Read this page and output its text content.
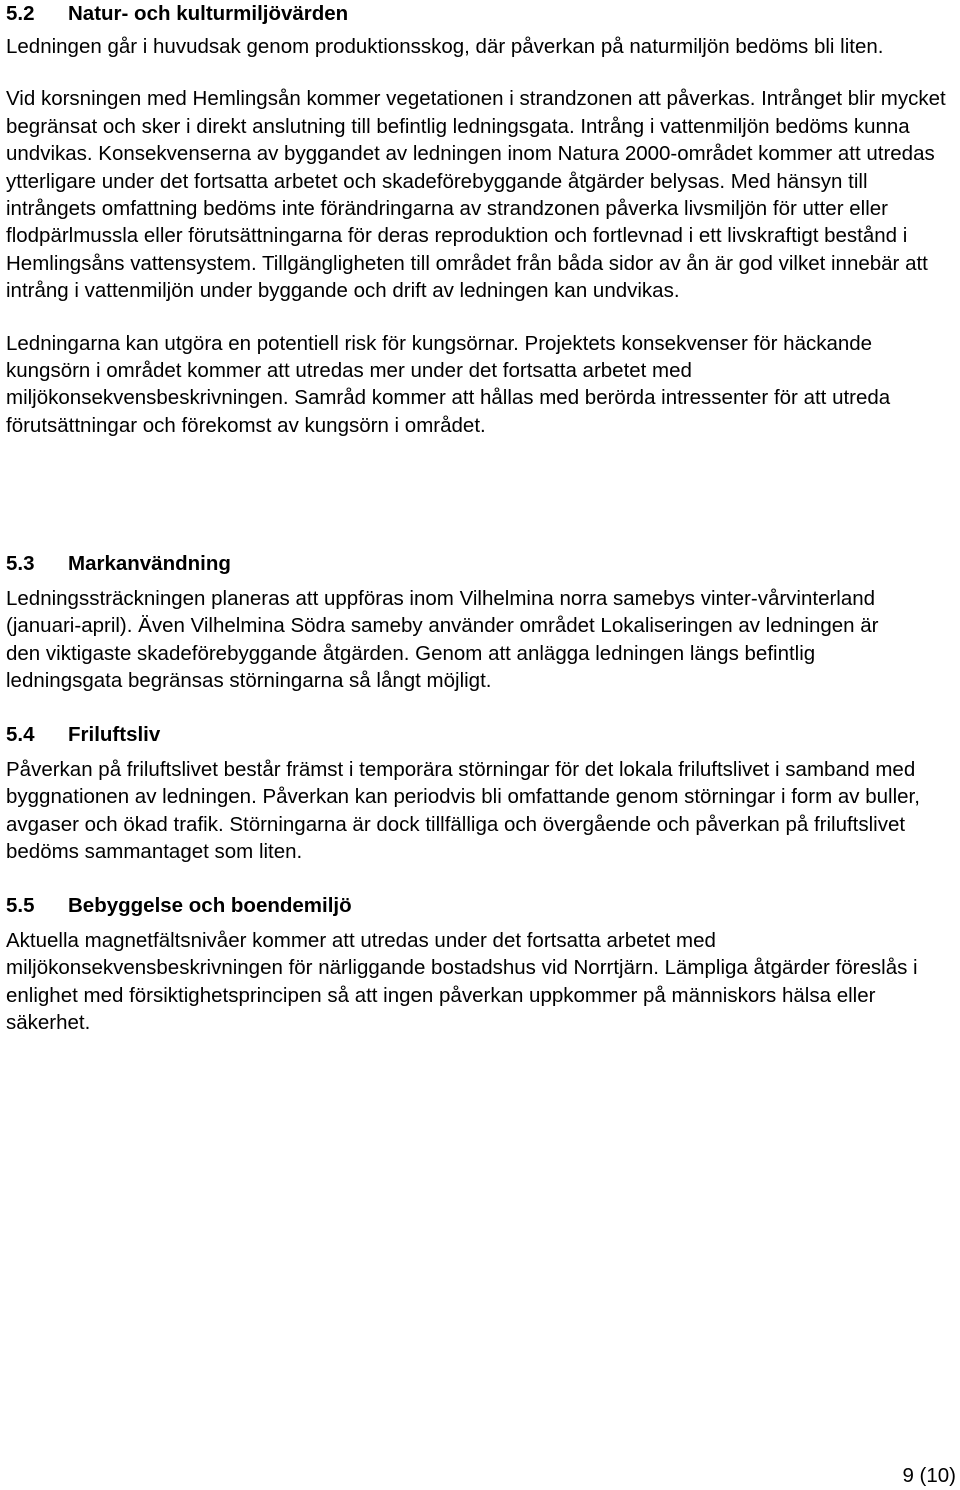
5.2	Natur- och kulturmiljövärden

Ledningen går i huvudsak genom produktionsskog, där påverkan på naturmiljön bedöms bli liten.

Vid korsningen med Hemlingsån kommer vegetationen i strandzonen att påverkas. Intrånget blir mycket begränsat och sker i direkt anslutning till befintlig ledningsgata. Intrång i vattenmiljön bedöms kunna undvikas. Konsekvenserna av byggandet av ledningen inom Natura 2000-området kommer att utredas ytterligare under det fortsatta arbetet och skadeförebyggande åtgärder belysas. Med hänsyn till intrångets omfattning bedöms inte förändringarna av strandzonen påverka livsmiljön för utter eller flodpärlmussla eller förutsättningarna för deras reproduktion och fortlevnad i ett livskraftigt bestånd i Hemlingsåns vattensystem. Tillgängligheten till området från båda sidor av ån är god vilket innebär att intrång i vattenmiljön under byggande och drift av ledningen kan undvikas.

Ledningarna kan utgöra en potentiell risk för kungsörnar. Projektets konsekvenser för häckande kungsörn i området kommer att utredas mer under det fortsatta arbetet med miljökonsekvensbeskrivningen. Samråd kommer att hållas med berörda intressenter för att utreda förutsättningar och förekomst av kungsörn i området.

5.3	Markanvändning

Ledningssträckningen planeras att uppföras inom Vilhelmina norra samebys vinter-vårvinterland (januari-april). Även Vilhelmina Södra sameby använder området Lokaliseringen av ledningen är den viktigaste skadeförebyggande åtgärden. Genom att anlägga ledningen längs befintlig ledningsgata begränsas störningarna så långt möjligt.

5.4	Friluftsliv

Påverkan på friluftslivet består främst i temporära störningar för det lokala friluftslivet i samband med byggnationen av ledningen. Påverkan kan periodvis bli omfattande genom störningar i form av buller, avgaser och ökad trafik. Störningarna är dock tillfälliga och övergående och påverkan på friluftslivet bedöms sammantaget som liten.

5.5	Bebyggelse och boendemiljö

Aktuella magnetfältsnivåer kommer att utredas under det fortsatta arbetet med miljökonsekvensbeskrivningen för närliggande bostadshus vid Norrtjärn. Lämpliga åtgärder föreslås i enlighet med försiktighetsprincipen så att ingen påverkan uppkommer på människors hälsa eller säkerhet.

9 (10)
